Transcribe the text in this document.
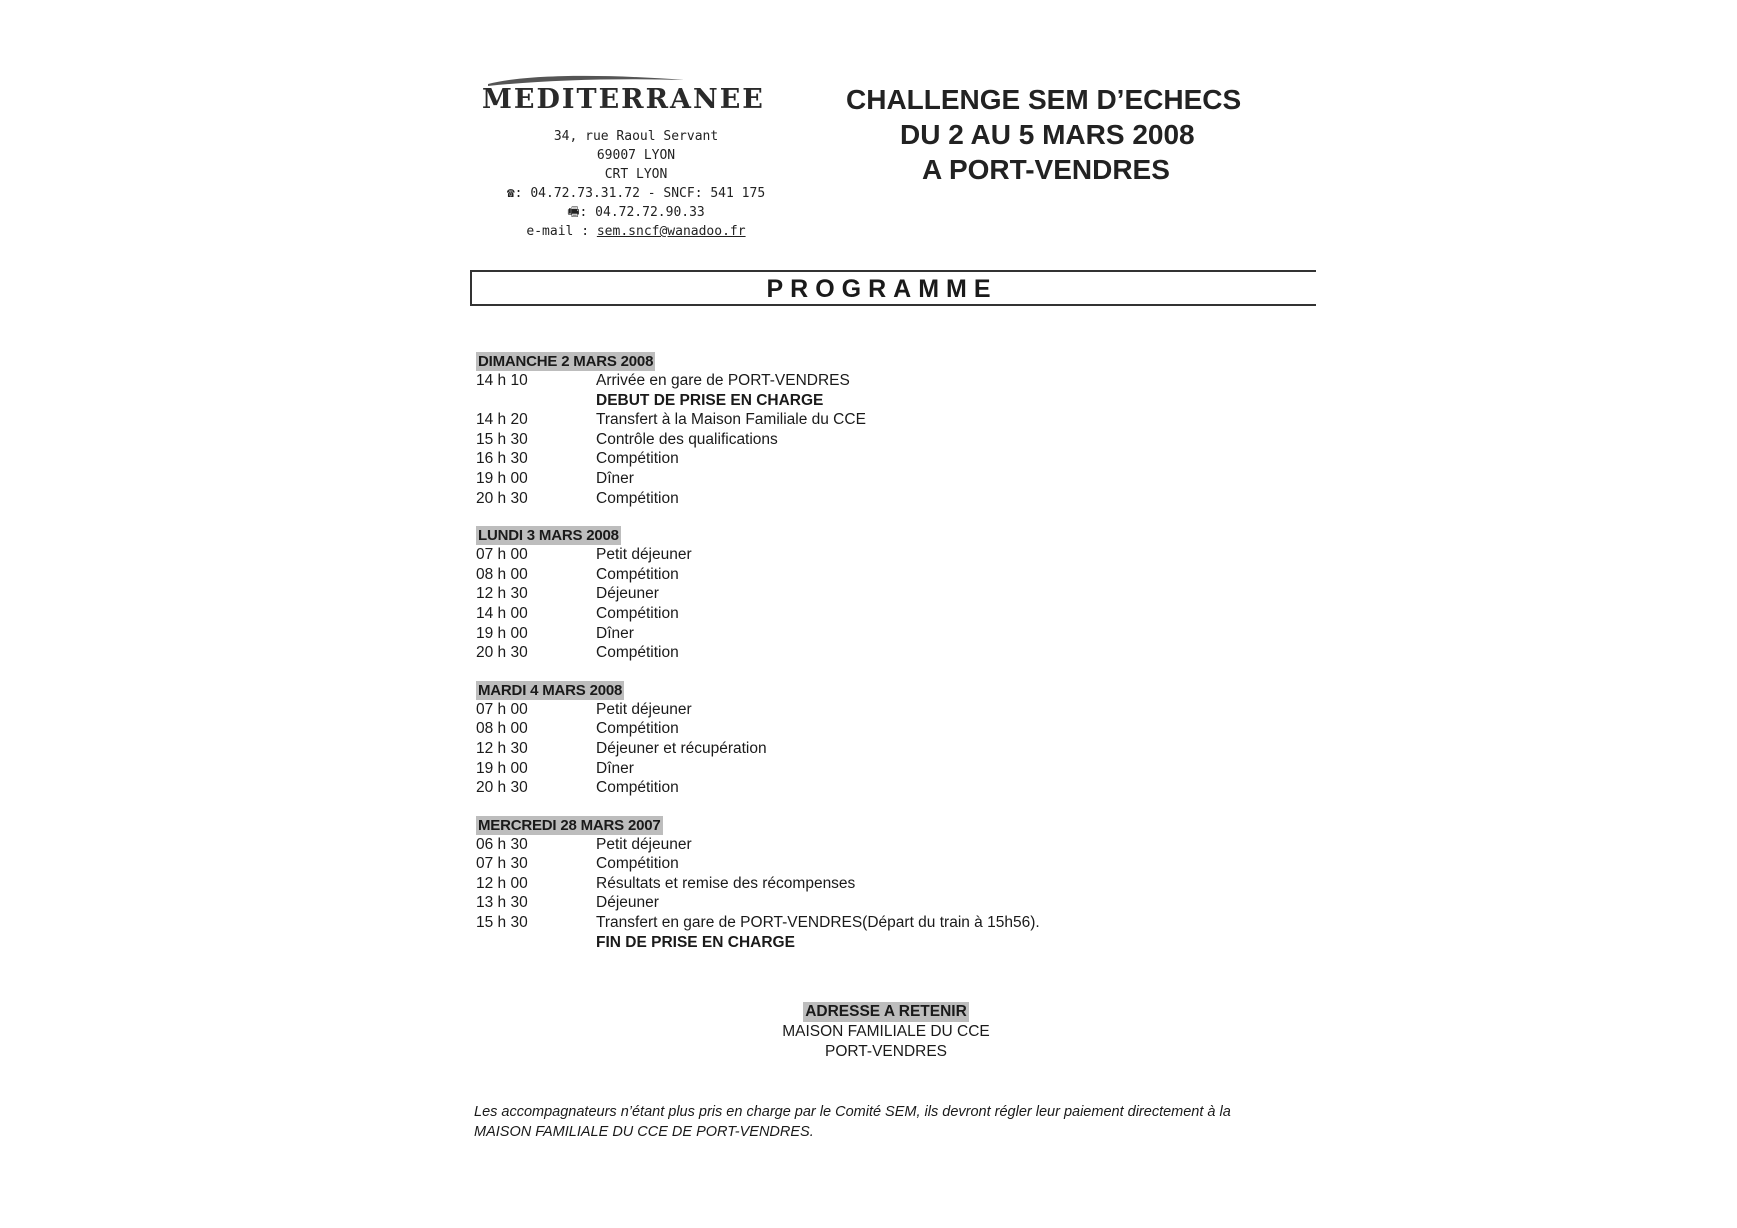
MEDITERRANEE
34, rue Raoul Servant
69007 LYON
CRT LYON
☎: 04.72.73.31.72 - SNCF: 541 175
🖷: 04.72.72.90.33
e-mail : sem.sncf@wanadoo.fr
CHALLENGE SEM D’ECHECS
DU 2 AU 5 MARS 2008
A PORT-VENDRES
PROGRAMME
DIMANCHE 2 MARS 2008
14 h 10	Arrivée en gare de PORT-VENDRES
DEBUT DE PRISE EN CHARGE
14 h 20	Transfert à la Maison Familiale du CCE
15 h 30	Contrôle des qualifications
16 h 30	Compétition
19 h 00	Dîner
20 h 30	Compétition
LUNDI 3 MARS 2008
07 h 00	Petit déjeuner
08 h 00	Compétition
12 h 30	Déjeuner
14 h 00	Compétition
19 h 00	Dîner
20 h 30	Compétition
MARDI 4 MARS 2008
07 h 00	Petit déjeuner
08 h 00	Compétition
12 h 30	Déjeuner et récupération
19 h 00	Dîner
20 h 30	Compétition
MERCREDI 28 MARS 2007
06 h 30	Petit déjeuner
07 h 30	Compétition
12 h 00	Résultats et remise des récompenses
13 h 30	Déjeuner
15 h 30	Transfert en gare de PORT-VENDRES(Départ du train à 15h56).
FIN DE PRISE EN CHARGE
ADRESSE A RETENIR
MAISON FAMILIALE DU CCE
PORT-VENDRES
Les accompagnateurs n’étant plus pris en charge par le Comité SEM, ils devront régler leur paiement directement à la
MAISON FAMILIALE DU CCE DE PORT-VENDRES.
